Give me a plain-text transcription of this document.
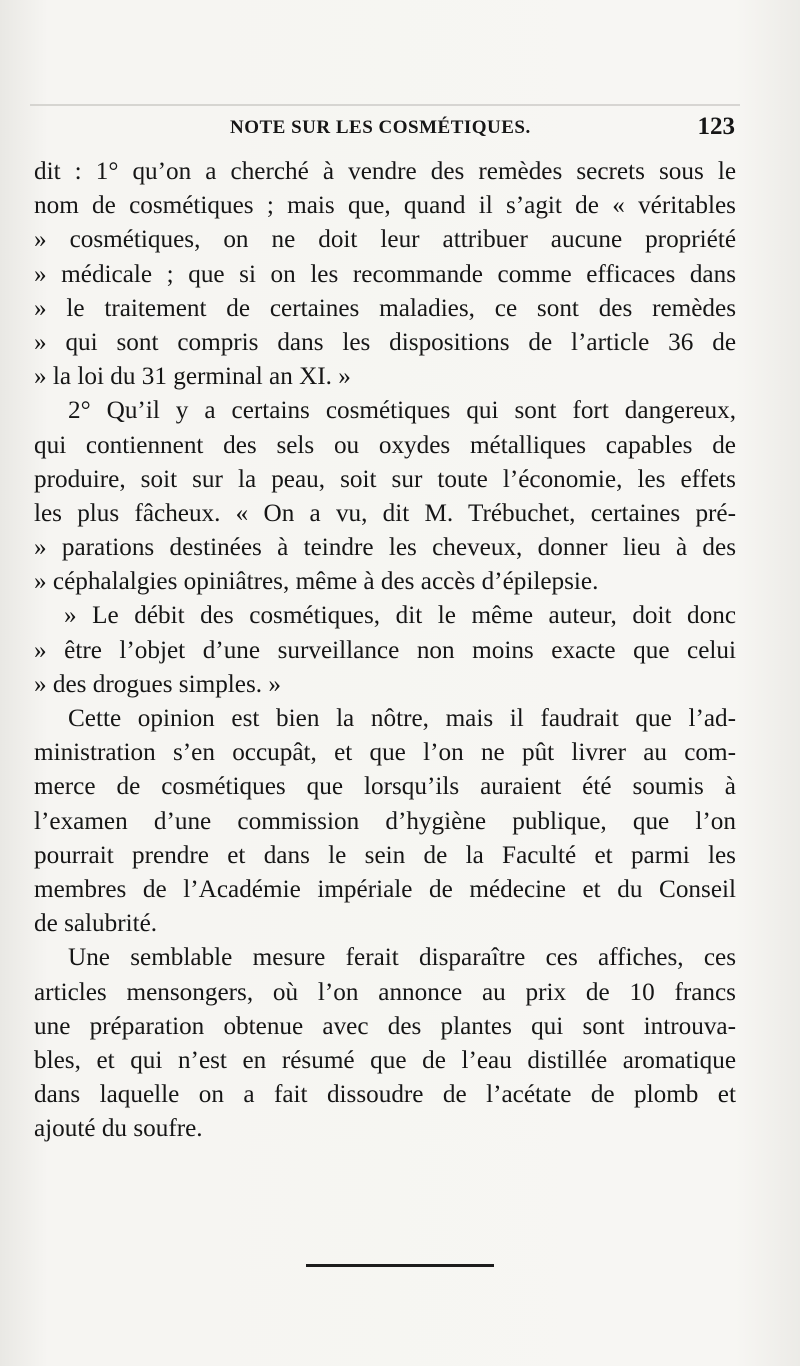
NOTE SUR LES COSMÉTIQUES.	123
dit : 1° qu’on a cherché à vendre des remèdes secrets sous le
nom de cosmétiques ; mais que, quand il s’agit de « véritables
» cosmétiques, on ne doit leur attribuer aucune propriété
» médicale ; que si on les recommande comme efficaces dans
» le traitement de certaines maladies, ce sont des remèdes
» qui sont compris dans les dispositions de l’article 36 de
» la loi du 31 germinal an XI. »
2° Qu’il y a certains cosmétiques qui sont fort dangereux,
qui contiennent des sels ou oxydes métalliques capables de
produire, soit sur la peau, soit sur toute l’économie, les effets
les plus fâcheux. « On a vu, dit M. Trébuchet, certaines pré-
» parations destinées à teindre les cheveux, donner lieu à des
» céphalalgies opiniâtres, même à des accès d’épilepsie.
» Le débit des cosmétiques, dit le même auteur, doit donc
» être l’objet d’une surveillance non moins exacte que celui
» des drogues simples. »
Cette opinion est bien la nôtre, mais il faudrait que l’ad-
ministration s’en occupât, et que l’on ne pût livrer au com-
merce de cosmétiques que lorsqu’ils auraient été soumis à
l’examen d’une commission d’hygiène publique, que l’on
pourrait prendre et dans le sein de la Faculté et parmi les
membres de l’Académie impériale de médecine et du Conseil
de salubrité.
Une semblable mesure ferait disparaître ces affiches, ces
articles mensongers, où l’on annonce au prix de 10 francs
une préparation obtenue avec des plantes qui sont introuva-
bles, et qui n’est en résumé que de l’eau distillée aromatique
dans laquelle on a fait dissoudre de l’acétate de plomb et
ajouté du soufre.
